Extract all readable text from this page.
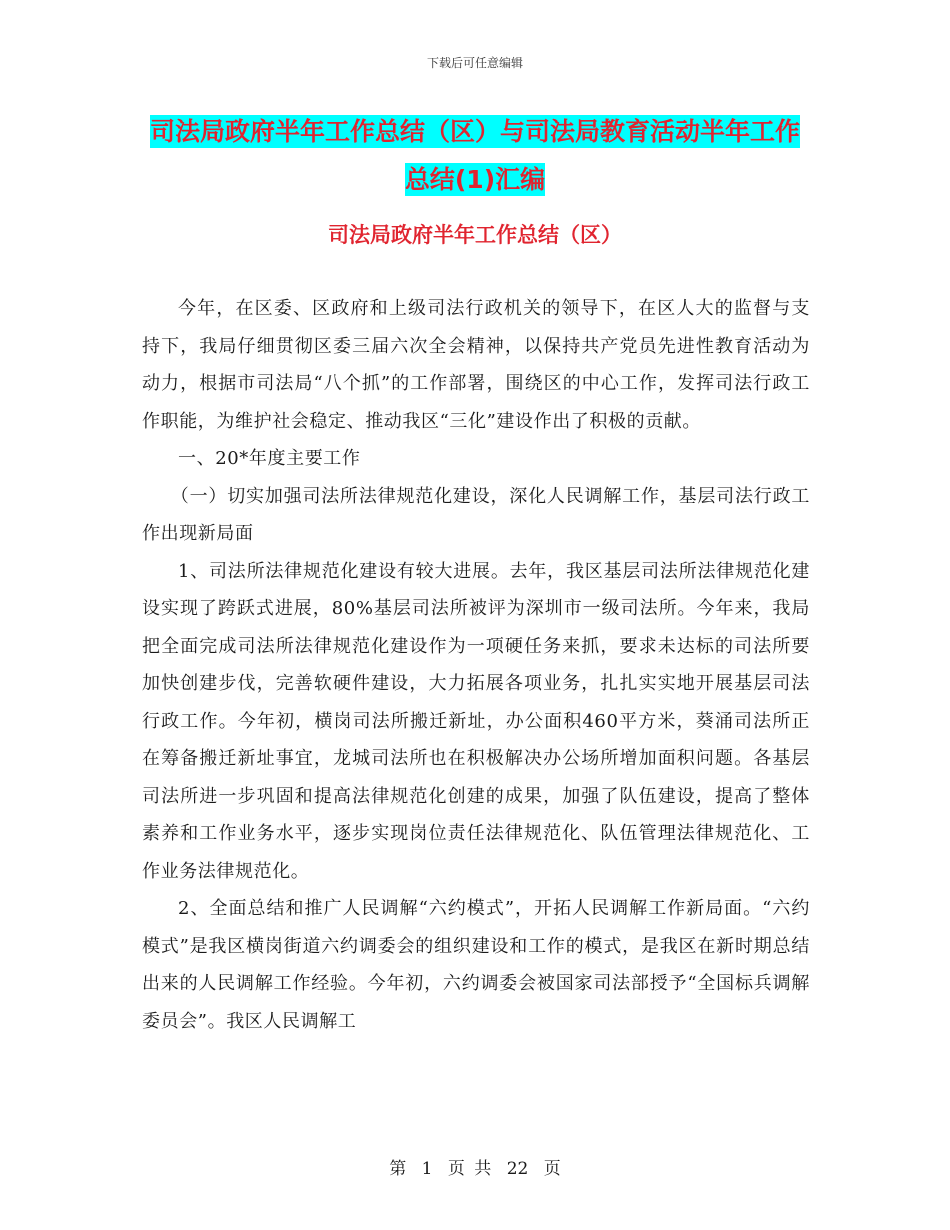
下载后可任意编辑
司法局政府半年工作总结（区）与司法局教育活动半年工作总结(1)汇编
司法局政府半年工作总结（区）

今年，在区委、区政府和上级司法行政机关的领导下，在区人大的监督与支持下，我局仔细贯彻区委三届六次全会精神，以保持共产党员先进性教育活动为动力，根据市司法局“八个抓”的工作部署，围绕区的中心工作，发挥司法行政工作职能，为维护社会稳定、推动我区“三化”建设作出了积极的贡献。

一、20*年度主要工作

（一）切实加强司法所法律规范化建设，深化人民调解工作，基层司法行政工作出现新局面

1、司法所法律规范化建设有较大进展。去年，我区基层司法所法律规范化建设实现了跨跃式进展，80%基层司法所被评为深圳市一级司法所。今年来，我局把全面完成司法所法律规范化建设作为一项硬任务来抓，要求未达标的司法所要加快创建步伐，完善软硬件建设，大力拓展各项业务，扎扎实实地开展基层司法行政工作。今年初，横岗司法所搬迁新址，办公面积460平方米，葵涌司法所正在筹备搬迁新址事宜，龙城司法所也在积极解决办公场所增加面积问题。各基层司法所进一步巩固和提高法律规范化创建的成果，加强了队伍建设，提高了整体素养和工作业务水平，逐步实现岗位责任法律规范化、队伍管理法律规范化、工作业务法律规范化。

2、全面总结和推广人民调解“六约模式”，开拓人民调解工作新局面。“六约模式”是我区横岗街道六约调委会的组织建设和工作的模式，是我区在新时期总结出来的人民调解工作经验。今年初，六约调委会被国家司法部授予“全国标兵调解委员会”。我区人民调解工

第 1 页 共 22 页
